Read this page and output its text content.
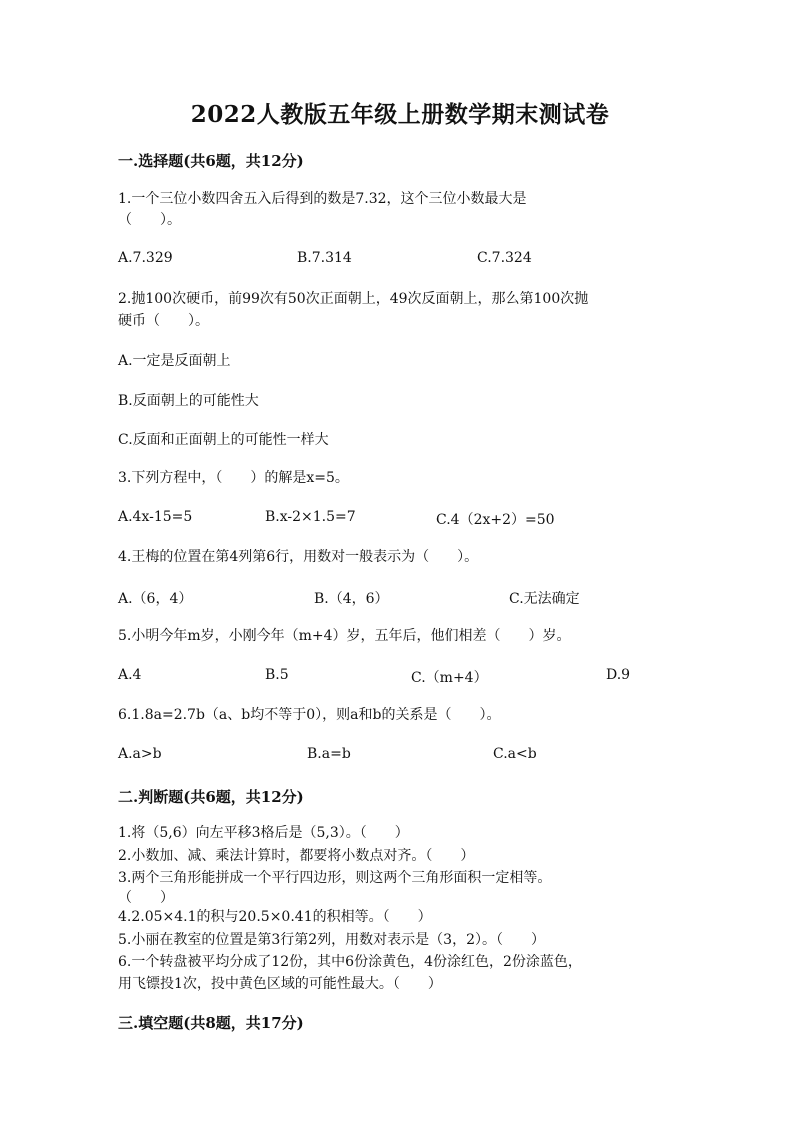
2022人教版五年级上册数学期末测试卷
一.选择题(共6题，共12分)
1.一个三位小数四舍五入后得到的数是7.32，这个三位小数最大是
（　　）。
A.7.329	B.7.314	C.7.324
2.抛100次硬币，前99次有50次正面朝上，49次反面朝上，那么第100次抛
硬币（　　）。
A.一定是反面朝上
B.反面朝上的可能性大
C.反面和正面朝上的可能性一样大
3.下列方程中，（　　）的解是x=5。
A.4x-15=5	B.x-2×1.5=7	C.4（2x+2）=50
4.王梅的位置在第4列第6行，用数对一般表示为（　　）。
A.（6，4）	B.（4，6）	C.无法确定
5.小明今年m岁，小刚今年（m+4）岁，五年后，他们相差（　　）岁。
A.4	B.5	C.（m+4）	D.9
6.1.8a=2.7b（a、b均不等于0），则a和b的关系是（　　）。
A.a>b	B.a=b	C.a<b
二.判断题(共6题，共12分)
1.将（5,6）向左平移3格后是（5,3）。（　　）
2.小数加、减、乘法计算时，都要将小数点对齐。（　　）
3.两个三角形能拼成一个平行四边形，则这两个三角形面积一定相等。
（　　）
4.2.05×4.1的积与20.5×0.41的积相等。（　　）
5.小丽在教室的位置是第3行第2列，用数对表示是（3，2）。（　　）
6.一个转盘被平均分成了12份，其中6份涂黄色，4份涂红色，2份涂蓝色，
用飞镖投1次，投中黄色区域的可能性最大。（　　）
三.填空题(共8题，共17分)
